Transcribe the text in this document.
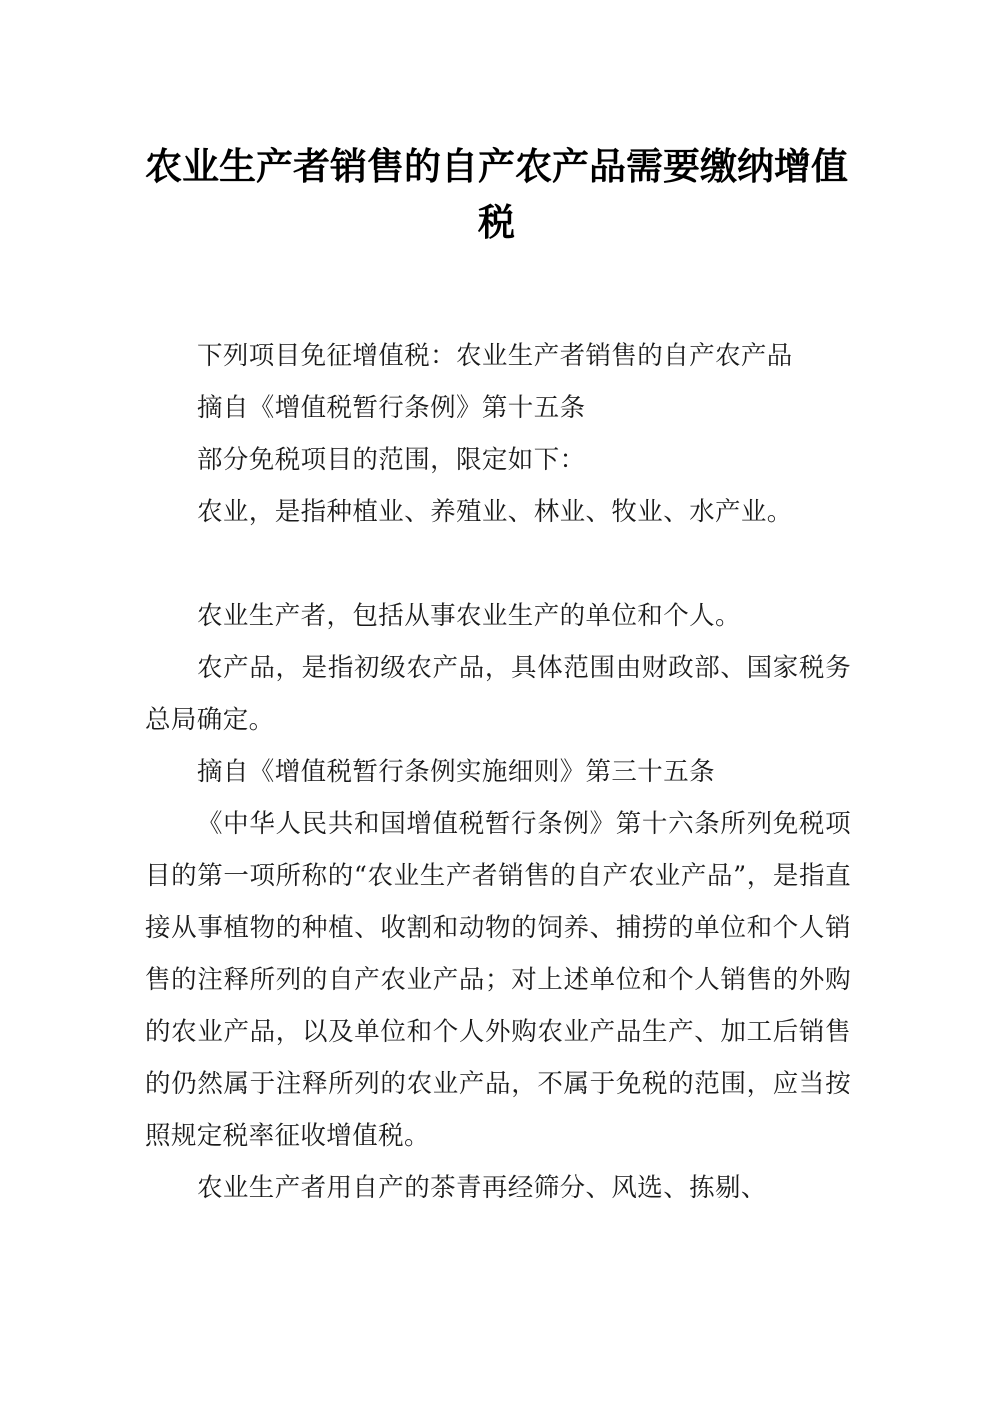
农业生产者销售的自产农产品需要缴纳增值税

下列项目免征增值税：农业生产者销售的自产农产品

摘自《增值税暂行条例》第十五条

部分免税项目的范围，限定如下：

农业，是指种植业、养殖业、林业、牧业、水产业。

农业生产者，包括从事农业生产的单位和个人。

农产品，是指初级农产品，具体范围由财政部、国家税务总局确定。

摘自《增值税暂行条例实施细则》第三十五条

《中华人民共和国增值税暂行条例》第十六条所列免税项目的第一项所称的“农业生产者销售的自产农业产品”，是指直接从事植物的种植、收割和动物的饲养、捕捞的单位和个人销售的注释所列的自产农业产品；对上述单位和个人销售的外购的农业产品，以及单位和个人外购农业产品生产、加工后销售的仍然属于注释所列的农业产品，不属于免税的范围，应当按照规定税率征收增值税。

农业生产者用自产的茶青再经筛分、风选、拣剔、
